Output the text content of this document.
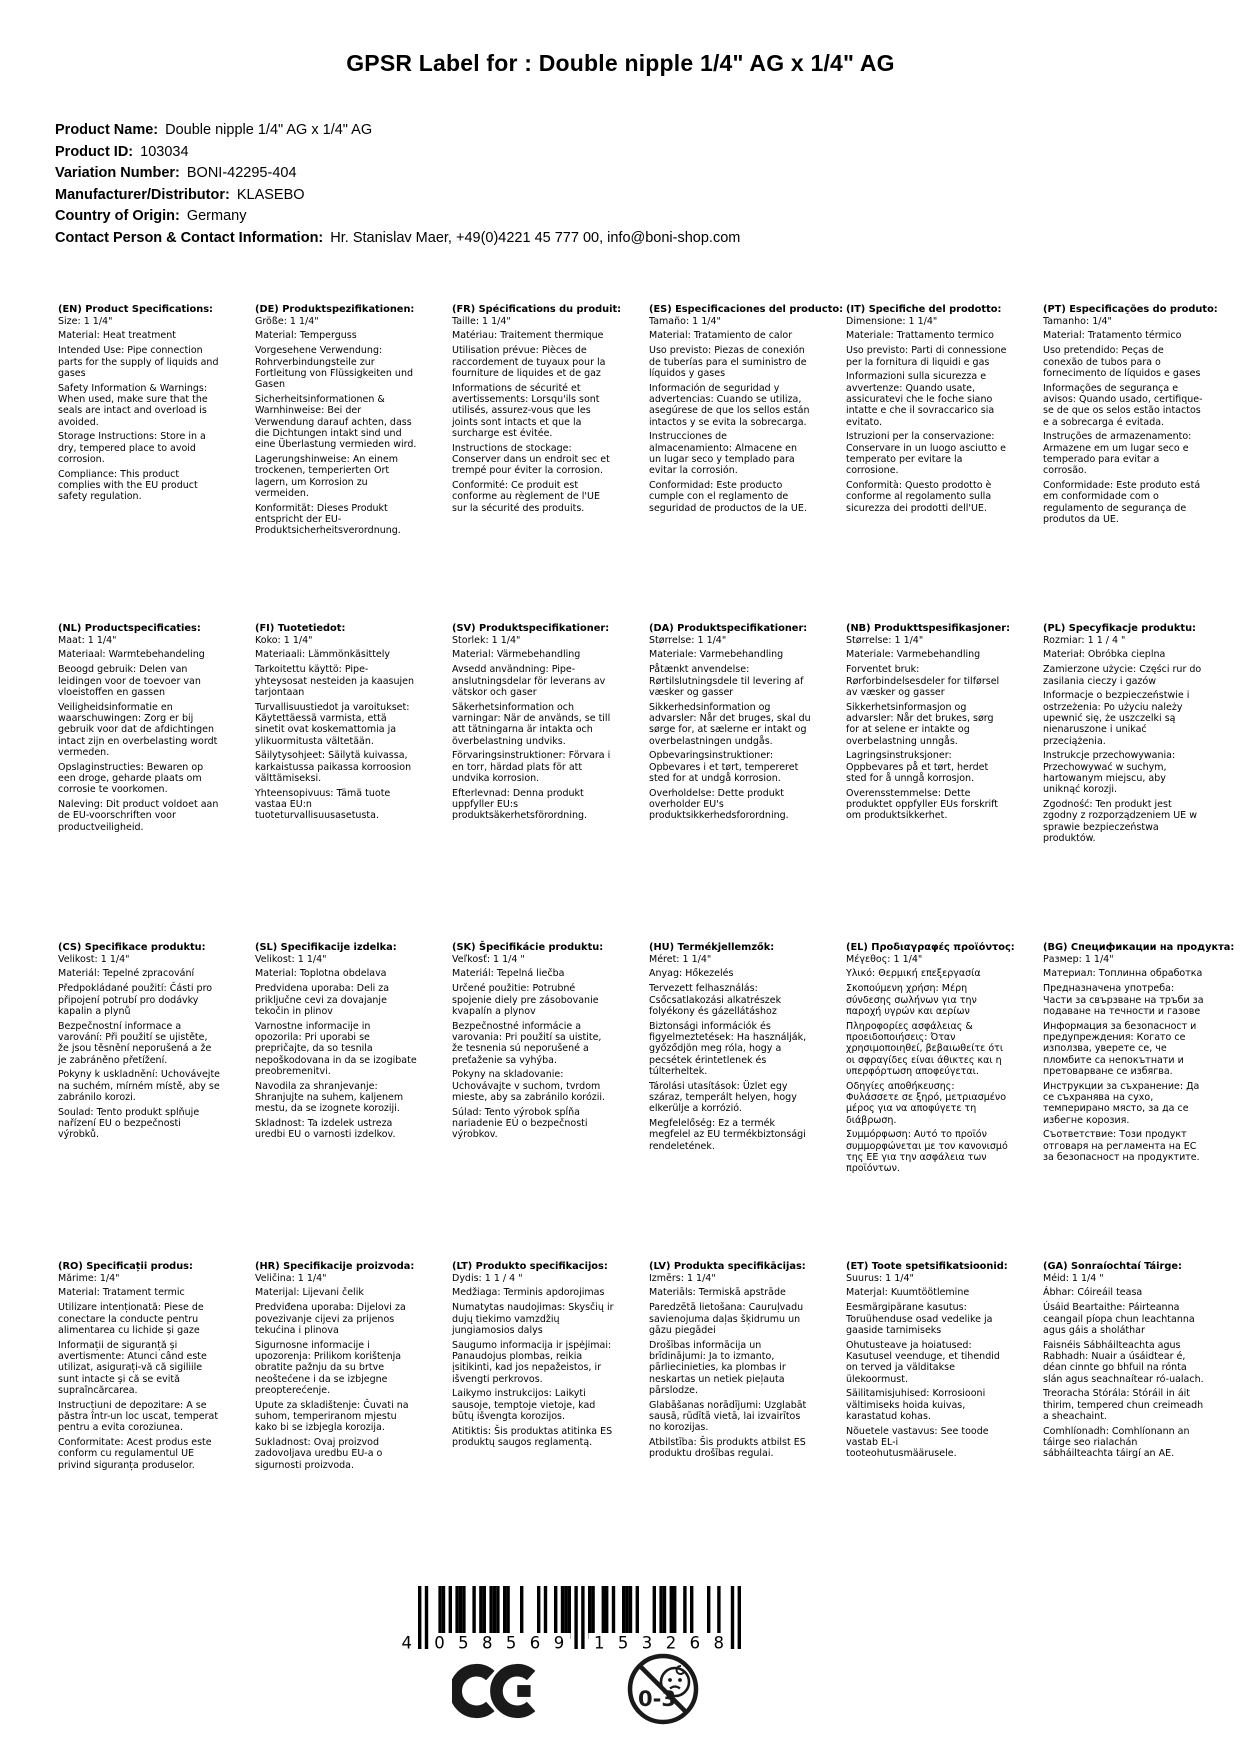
GPSR Label for : Double nipple 1/4" AG x 1/4" AG
Product Name: Double nipple 1/4" AG x 1/4" AG
Product ID: 103034
Variation Number: BONI-42295-404
Manufacturer/Distributor: KLASEBO
Country of Origin: Germany
Contact Person & Contact Information: Hr. Stanislav Maer, +49(0)4221 45 777 00, info@boni-shop.com
(EN) Product Specifications:

Size: 1 1/4"

Material: Heat treatment

Intended Use: Pipe connection parts for the supply of liquids and gases

Safety Information & Warnings: When used, make sure that the seals are intact and overload is avoided.

Storage Instructions: Store in a dry, tempered place to avoid corrosion.

Compliance: This product complies with the EU product safety regulation.

(DE) Produktspezifikationen:

Größe: 1 1/4"

Material: Temperguss

Vorgesehene Verwendung: Rohrverbindungsteile zur Fortleitung von Flüssigkeiten und Gasen

Sicherheitsinformationen & Warnhinweise: Bei der Verwendung darauf achten, dass die Dichtungen intakt sind und eine Überlastung vermieden wird.

Lagerungshinweise: An einem trockenen, temperierten Ort lagern, um Korrosion zu vermeiden.

Konformität: Dieses Produkt entspricht der EU-Produktsicherheitsverordnung.

(FR) Spécifications du produit:

Taille: 1 1/4"

Matériau: Traitement thermique

Utilisation prévue: Pièces de raccordement de tuyaux pour la fourniture de liquides et de gaz

Informations de sécurité et avertissements: Lorsqu'ils sont utilisés, assurez-vous que les joints sont intacts et que la surcharge est évitée.

Instructions de stockage: Conserver dans un endroit sec et trempé pour éviter la corrosion.

Conformité: Ce produit est conforme au règlement de l'UE sur la sécurité des produits.

(ES) Especificaciones del producto:

Tamaño: 1 1/4"

Material: Tratamiento de calor

Uso previsto: Piezas de conexión de tuberías para el suministro de líquidos y gases

Información de seguridad y advertencias: Cuando se utiliza, asegúrese de que los sellos están intactos y se evita la sobrecarga.

Instrucciones de almacenamiento: Almacene en un lugar seco y templado para evitar la corrosión.

Conformidad: Este producto cumple con el reglamento de seguridad de productos de la UE.

(IT) Specifiche del prodotto:

Dimensione: 1 1/4"

Materiale: Trattamento termico

Uso previsto: Parti di connessione per la fornitura di liquidi e gas

Informazioni sulla sicurezza e avvertenze: Quando usate, assicuratevi che le foche siano intatte e che il sovraccarico sia evitato.

Istruzioni per la conservazione: Conservare in un luogo asciutto e temperato per evitare la corrosione.

Conformità: Questo prodotto è conforme al regolamento sulla sicurezza dei prodotti dell'UE.

(PT) Especificações do produto:

Tamanho: 1/4"

Material: Tratamento térmico

Uso pretendido: Peças de conexão de tubos para o fornecimento de líquidos e gases

Informações de segurança e avisos: Quando usado, certifique-se de que os selos estão intactos e a sobrecarga é evitada.

Instruções de armazenamento: Armazene em um lugar seco e temperado para evitar a corrosão.

Conformidade: Este produto está em conformidade com o regulamento de segurança de produtos da UE.

(NL) Productspecificaties:

Maat: 1 1/4"

Materiaal: Warmtebehandeling

Beoogd gebruik: Delen van leidingen voor de toevoer van vloeistoffen en gassen

Veiligheidsinformatie en waarschuwingen: Zorg er bij gebruik voor dat de afdichtingen intact zijn en overbelasting wordt vermeden.

Opslaginstructies: Bewaren op een droge, geharde plaats om corrosie te voorkomen.

Naleving: Dit product voldoet aan de EU-voorschriften voor productveiligheid.

(FI) Tuotetiedot:

Koko: 1 1/4"

Materiaali: Lämmönkäsittely

Tarkoitettu käyttö: Pipe-yhteysosat nesteiden ja kaasujen tarjontaan

Turvallisuustiedot ja varoitukset: Käytettäessä varmista, että sinetit ovat koskemattomia ja ylikuormitusta vältetään.

Säilytysohjeet: Säilytä kuivassa, karkaistussa paikassa korroosion välttämiseksi.

Yhteensopivuus: Tämä tuote vastaa EU:n tuoteturvallisuusasetusta.

(SV) Produktspecifikationer:

Storlek: 1 1/4"

Material: Värmebehandling

Avsedd användning: Pipe-anslutningsdelar för leverans av vätskor och gaser

Säkerhetsinformation och varningar: När de används, se till att tätningarna är intakta och överbelastning undviks.

Förvaringsinstruktioner: Förvara i en torr, härdad plats för att undvika korrosion.

Efterlevnad: Denna produkt uppfyller EU:s produktsäkerhetsförordning.

(DA) Produktspecifikationer:

Størrelse: 1 1/4"

Materiale: Varmebehandling

Påtænkt anvendelse: Rørtilslutningsdele til levering af væsker og gasser

Sikkerhedsinformation og advarsler: Når det bruges, skal du sørge for, at sælerne er intakt og overbelastningen undgås.

Opbevaringsinstruktioner: Opbevares i et tørt, tempereret sted for at undgå korrosion.

Overholdelse: Dette produkt overholder EU's produktsikkerhedsforordning.

(NB) Produkttspesifikasjoner:

Størrelse: 1 1/4"

Materiale: Varmebehandling

Forventet bruk: Rørforbindelsesdeler for tilførsel av væsker og gasser

Sikkerhetsinformasjon og advarsler: Når det brukes, sørg for at selene er intakte og overbelastning unngås.

Lagringsinstruksjoner: Oppbevares på et tørt, herdet sted for å unngå korrosjon.

Overensstemmelse: Dette produktet oppfyller EUs forskrift om produktsikkerhet.

(PL) Specyfikacje produktu:

Rozmiar: 1 1 / 4 "

Materiał: Obróbka cieplna

Zamierzone użycie: Części rur do zasilania cieczy i gazów

Informacje o bezpieczeństwie i ostrzeżenia: Po użyciu należy upewnić się, że uszczelki są nienaruszone i unikać przeciążenia.

Instrukcje przechowywania: Przechowywać w suchym, hartowanym miejscu, aby uniknąć korozji.

Zgodność: Ten produkt jest zgodny z rozporządzeniem UE w sprawie bezpieczeństwa produktów.

(CS) Specifikace produktu:

Velikost: 1 1/4"

Materiál: Tepelné zpracování

Předpokládané použití: Části pro připojení potrubí pro dodávky kapalin a plynů

Bezpečnostní informace a varování: Při použití se ujistěte, že jsou těsnění neporušená a že je zabráněno přetížení.

Pokyny k uskladnění: Uchovávejte na suchém, mírném místě, aby se zabránilo korozi.

Soulad: Tento produkt splňuje nařízení EU o bezpečnosti výrobků.

(SL) Specifikacije izdelka:

Velikost: 1 1/4"

Material: Toplotna obdelava

Predvidena uporaba: Deli za priključne cevi za dovajanje tekočin in plinov

Varnostne informacije in opozorila: Pri uporabi se prepričajte, da so tesnila nepoškodovana in da se izogibate preobremenitvi.

Navodila za shranjevanje: Shranjujte na suhem, kaljenem mestu, da se izognete koroziji.

Skladnost: Ta izdelek ustreza uredbi EU o varnosti izdelkov.

(SK) Špecifikácie produktu:

Veľkosť: 1 1/4 "

Materiál: Tepelná liečba

Určené použitie: Potrubné spojenie diely pre zásobovanie kvapalín a plynov

Bezpečnostné informácie a varovania: Pri použití sa uistite, že tesnenia sú neporušené a preťaženie sa vyhýba.

Pokyny na skladovanie: Uchovávajte v suchom, tvrdom mieste, aby sa zabránilo korózii.

Súlad: Tento výrobok spĺňa nariadenie EÚ o bezpečnosti výrobkov.

(HU) Termékjellemzők:

Méret: 1 1/4"

Anyag: Hőkezelés

Tervezett felhasználás: Csőcsatlakozási alkatrészek folyékony és gázellátáshoz

Biztonsági információk és figyelmeztetések: Ha használják, győződjön meg róla, hogy a pecsétek érintetlenek és túlterheltek.

Tárolási utasítások: Üzlet egy száraz, temperált helyen, hogy elkerülje a korrózió.

Megfelelőség: Ez a termék megfelel az EU termékbiztonsági rendeletének.

(EL) Προδιαγραφές προϊόντος:

Μέγεθος: 1 1/4"

Υλικό: Θερμική επεξεργασία

Σκοπούμενη χρήση: Μέρη σύνδεσης σωλήνων για την παροχή υγρών και αερίων

Πληροφορίες ασφάλειας & προειδοποιήσεις: Όταν χρησιμοποιηθεί, βεβαιωθείτε ότι οι σφραγίδες είναι άθικτες και η υπερφόρτωση αποφεύγεται.

Οδηγίες αποθήκευσης: Φυλάσσετε σε ξηρό, μετριασμένο μέρος για να αποφύγετε τη διάβρωση.

Συμμόρφωση: Αυτό το προϊόν συμμορφώνεται με τον κανονισμό της ΕΕ για την ασφάλεια των προϊόντων.

(BG) Спецификации на продукта:

Размер: 1 1/4"

Материал: Топлинна обработка

Предназначена употреба: Части за свързване на тръби за подаване на течности и газове

Информация за безопасност и предупреждения: Когато се използва, уверете се, че пломбите са непокътнати и претоварване се избягва.

Инструкции за съхранение: Да се съхранява на сухо, темперирано място, за да се избегне корозия.

Съответствие: Този продукт отговаря на регламента на ЕС за безопасност на продуктите.

(RO) Specificații produs:

Mărime: 1/4"

Material: Tratament termic

Utilizare intenționată: Piese de conectare la conducte pentru alimentarea cu lichide și gaze

Informații de siguranță și avertismente: Atunci când este utilizat, asigurați-vă că sigiliile sunt intacte și că se evită supraîncărcarea.

Instrucțiuni de depozitare: A se păstra într-un loc uscat, temperat pentru a evita coroziunea.

Conformitate: Acest produs este conform cu regulamentul UE privind siguranța produselor.

(HR) Specifikacije proizvoda:

Veličina: 1 1/4"

Materijal: Lijevani čelik

Predviđena uporaba: Dijelovi za povezivanje cijevi za prijenos tekućina i plinova

Sigurnosne informacije i upozorenja: Prilikom korištenja obratite pažnju da su brtve neoštećene i da se izbjegne preopterećenje.

Upute za skladištenje: Čuvati na suhom, temperiranom mjestu kako bi se izbjegla korozija.

Sukladnost: Ovaj proizvod zadovoljava uredbu EU-a o sigurnosti proizvoda.

(LT) Produkto specifikacijos:

Dydis: 1 1 / 4 "

Medžiaga: Terminis apdorojimas

Numatytas naudojimas: Skysčių ir dujų tiekimo vamzdžių jungiamosios dalys

Saugumo informacija ir įspėjimai: Panaudojus plombas, reikia įsitikinti, kad jos nepažeistos, ir išvengti perkrovos.

Laikymo instrukcijos: Laikyti sausoje, temptoje vietoje, kad būtų išvengta korozijos.

Atitiktis: Šis produktas atitinka ES produktų saugos reglamentą.

(LV) Produkta specifikācijas:

Izmērs: 1 1/4"

Materiāls: Termiskā apstrāde

Paredzētā lietošana: Cauruļvadu savienojuma daļas šķidrumu un gāzu piegādei

Drošības informācija un brīdinājumi: Ja to izmanto, pārliecinieties, ka plombas ir neskartas un netiek pieļauta pārslodze.

Glabāšanas norādījumi: Uzglabāt sausā, rūdītā vietā, lai izvairītos no korozijas.

Atbilstība: Šis produkts atbilst ES produktu drošības regulai.

(ET) Toote spetsifikatsioonid:

Suurus: 1 1/4"

Materjal: Kuumtöötlemine

Eesmärgipärane kasutus: Toruühenduse osad vedelike ja gaaside tarnimiseks

Ohutusteave ja hoiatused: Kasutusel veenduge, et tihendid on terved ja välditakse ülekoormust.

Säilitamisjuhised: Korrosiooni vältimiseks hoida kuivas, karastatud kohas.

Nõuetele vastavus: See toode vastab EL-i tooteohutusmäärusele.

(GA) Sonraíochtaí Táirge:

Méid: 1 1/4 "

Ábhar: Cóireáil teasa

Úsáid Beartaithe: Páirteanna ceangail píopa chun leachtanna agus gáis a sholáthar

Faisnéis Sábháilteachta agus Rabhadh: Nuair a úsáidtear é, déan cinnte go bhfuil na rónta slán agus seachnaítear ró-ualach.

Treoracha Stórála: Stóráil in áit thirim, tempered chun creimeadh a sheachaint.

Comhlíonadh: Comhlíonann an táirge seo rialachán sábháilteachta táirgí an AE.

4 058569 153268
0-3
